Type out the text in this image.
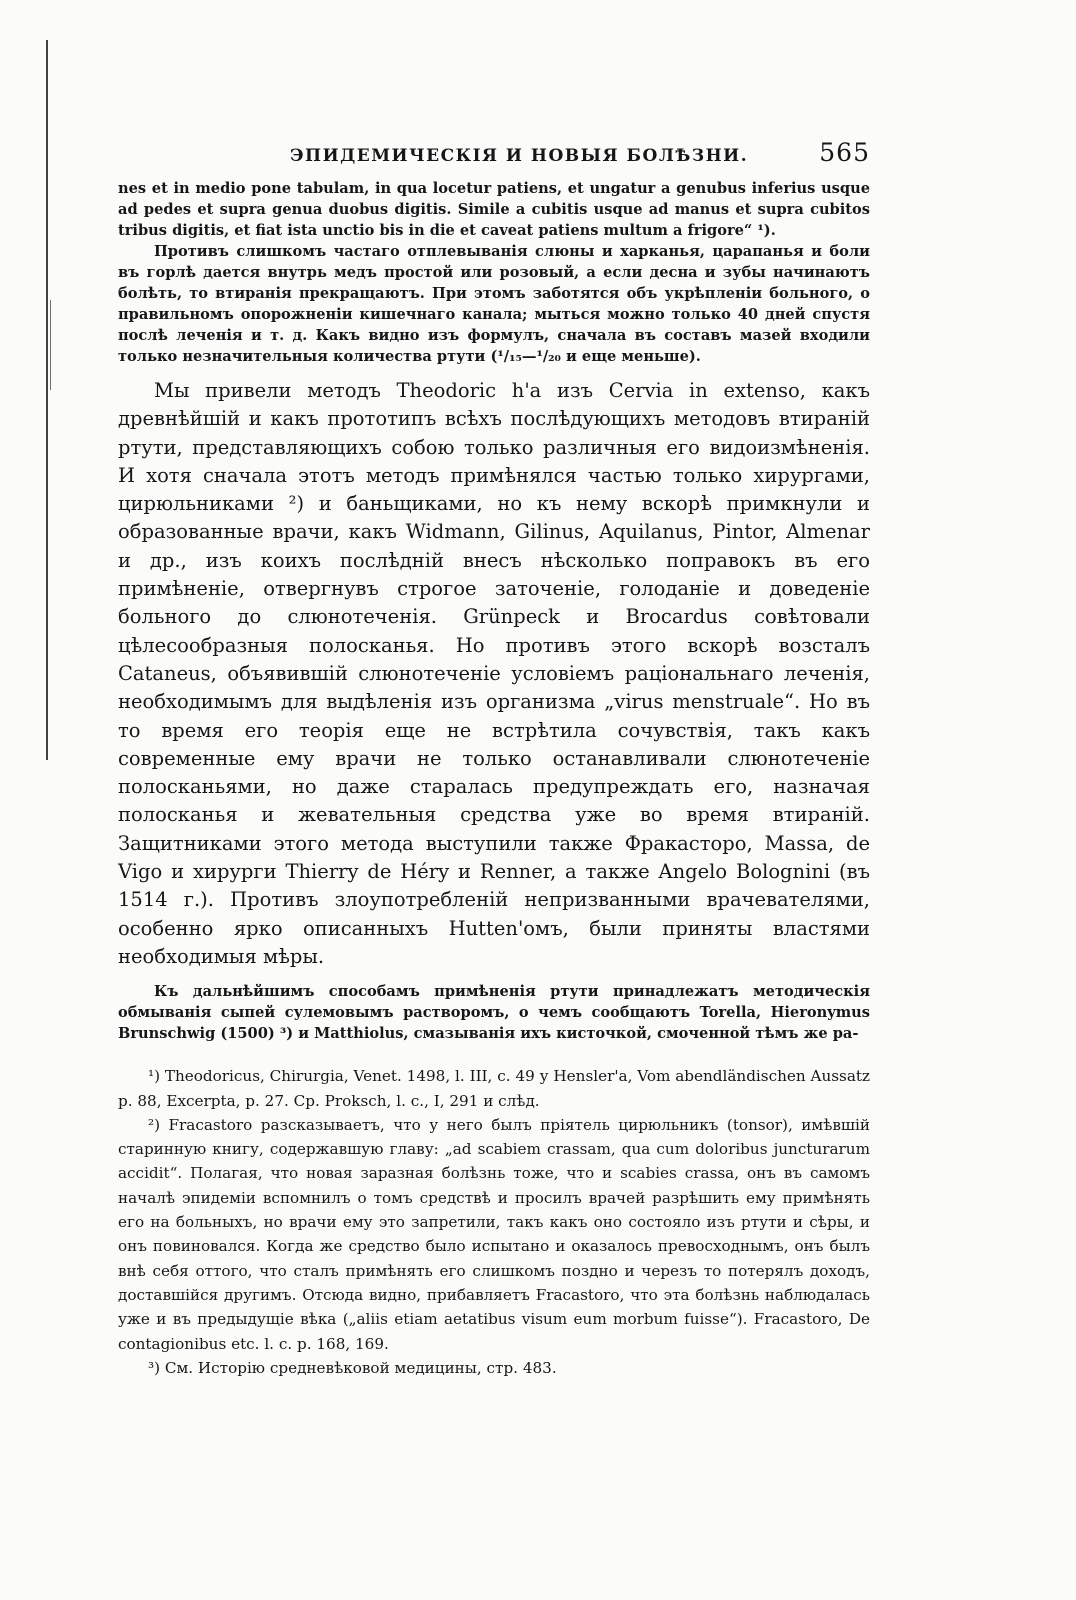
ЭПИДЕМИЧЕСКІЯ И НОВЫЯ БОЛѢЗНИ.	565

nes et in medio pone tabulam, in qua locetur patiens, et ungatur a genubus inferius usque ad pedes et supra genua duobus digitis. Simile a cubitis usque ad manus et supra cubitos tribus digitis, et fiat ista unctio bis in die et caveat patiens multum a frigore“ ¹).

Противъ слишкомъ частаго отплевыванія слюны и харканья, царапанья и боли въ горлѣ дается внутрь медъ простой или розовый, а если десна и зубы начинаютъ болѣть, то втиранія прекращаютъ. При этомъ заботятся объ укрѣпленіи больного, о правильномъ опорожненіи кишечнаго канала; мыться можно только 40 дней спустя послѣ леченія и т. д. Какъ видно изъ формулъ, сначала въ составъ мазей входили только незначительныя количества ртути (¹/₁₅—¹/₂₀ и еще меньше).

Мы привели методъ Theodoric h'а изъ Cervia in extenso, какъ древнѣйшій и какъ прототипъ всѣхъ послѣдующихъ методовъ втираній ртути, представляющихъ собою только различныя его видоизмѣненія. И хотя сначала этотъ методъ примѣнялся частью только хирургами, цирюльниками ²) и баньщиками, но къ нему вскорѣ примкнули и образованные врачи, какъ Widmann, Gilinus, Aquilanus, Pintor, Almenar и др., изъ коихъ послѣдній внесъ нѣсколько поправокъ въ его примѣненіе, отвергнувъ строгое заточеніе, голоданіе и доведеніе больного до слюнотеченія. Grünpeck и Brocardus совѣтовали цѣлесообразныя полосканья. Но противъ этого вскорѣ возсталъ Cataneus, объявившій слюнотеченіе условіемъ раціональнаго леченія, необходимымъ для выдѣленія изъ организма „virus menstruale“. Но въ то время его теорія еще не встрѣтила сочувствія, такъ какъ современные ему врачи не только останавливали слюнотеченіе полосканьями, но даже старалась предупреждать его, назначая полосканья и жевательныя средства уже во время втираній. Защитниками этого метода выступили также Фракасторо, Massa, de Vigo и хирурги Thierry de Héry и Renner, а также Angelo Bolognini (въ 1514 г.). Противъ злоупотребленій непризванными врачевателями, особенно ярко описанныхъ Hutten'омъ, были приняты властями необходимыя мѣры.

Къ дальнѣйшимъ способамъ примѣненія ртути принадлежатъ методическія обмыванія сыпей сулемовымъ растворомъ, о чемъ сообщаютъ Torella, Hieronymus Brunschwig (1500) ³) и Matthiolus, смазыванія ихъ кисточкой, смоченной тѣмъ же ра-

¹) Theodoricus, Chirurgia, Venet. 1498, l. III, c. 49 у Hensler'а, Vom abendländischen Aussatz p. 88, Excerpta, p. 27. Ср. Proksch, l. c., I, 291 и слѣд.

²) Fracastoro разсказываетъ, что у него былъ пріятель цирюльникъ (tonsor), имѣвшій старинную книгу, содержавшую главу: „ad scabiem crassam, qua cum doloribus juncturarum accidit“. Полагая, что новая заразная болѣзнь тоже, что и scabies crassa, онъ въ самомъ началѣ эпидеміи вспомнилъ о томъ средствѣ и просилъ врачей разрѣшить ему примѣнять его на больныхъ, но врачи ему это запретили, такъ какъ оно состояло изъ ртути и сѣры, и онъ повиновался. Когда же средство было испытано и оказалось превосходнымъ, онъ былъ внѣ себя оттого, что сталъ примѣнять его слишкомъ поздно и черезъ то потерялъ доходъ, доставшійся другимъ. Отсюда видно, прибавляетъ Fracastoro, что эта болѣзнь наблюдалась уже и въ предыдущіе вѣка („aliis etiam aetatibus visum eum morbum fuisse“). Fracastoro, De contagionibus etc. l. c. p. 168, 169.

³) См. Исторію средневѣковой медицины, стр. 483.
